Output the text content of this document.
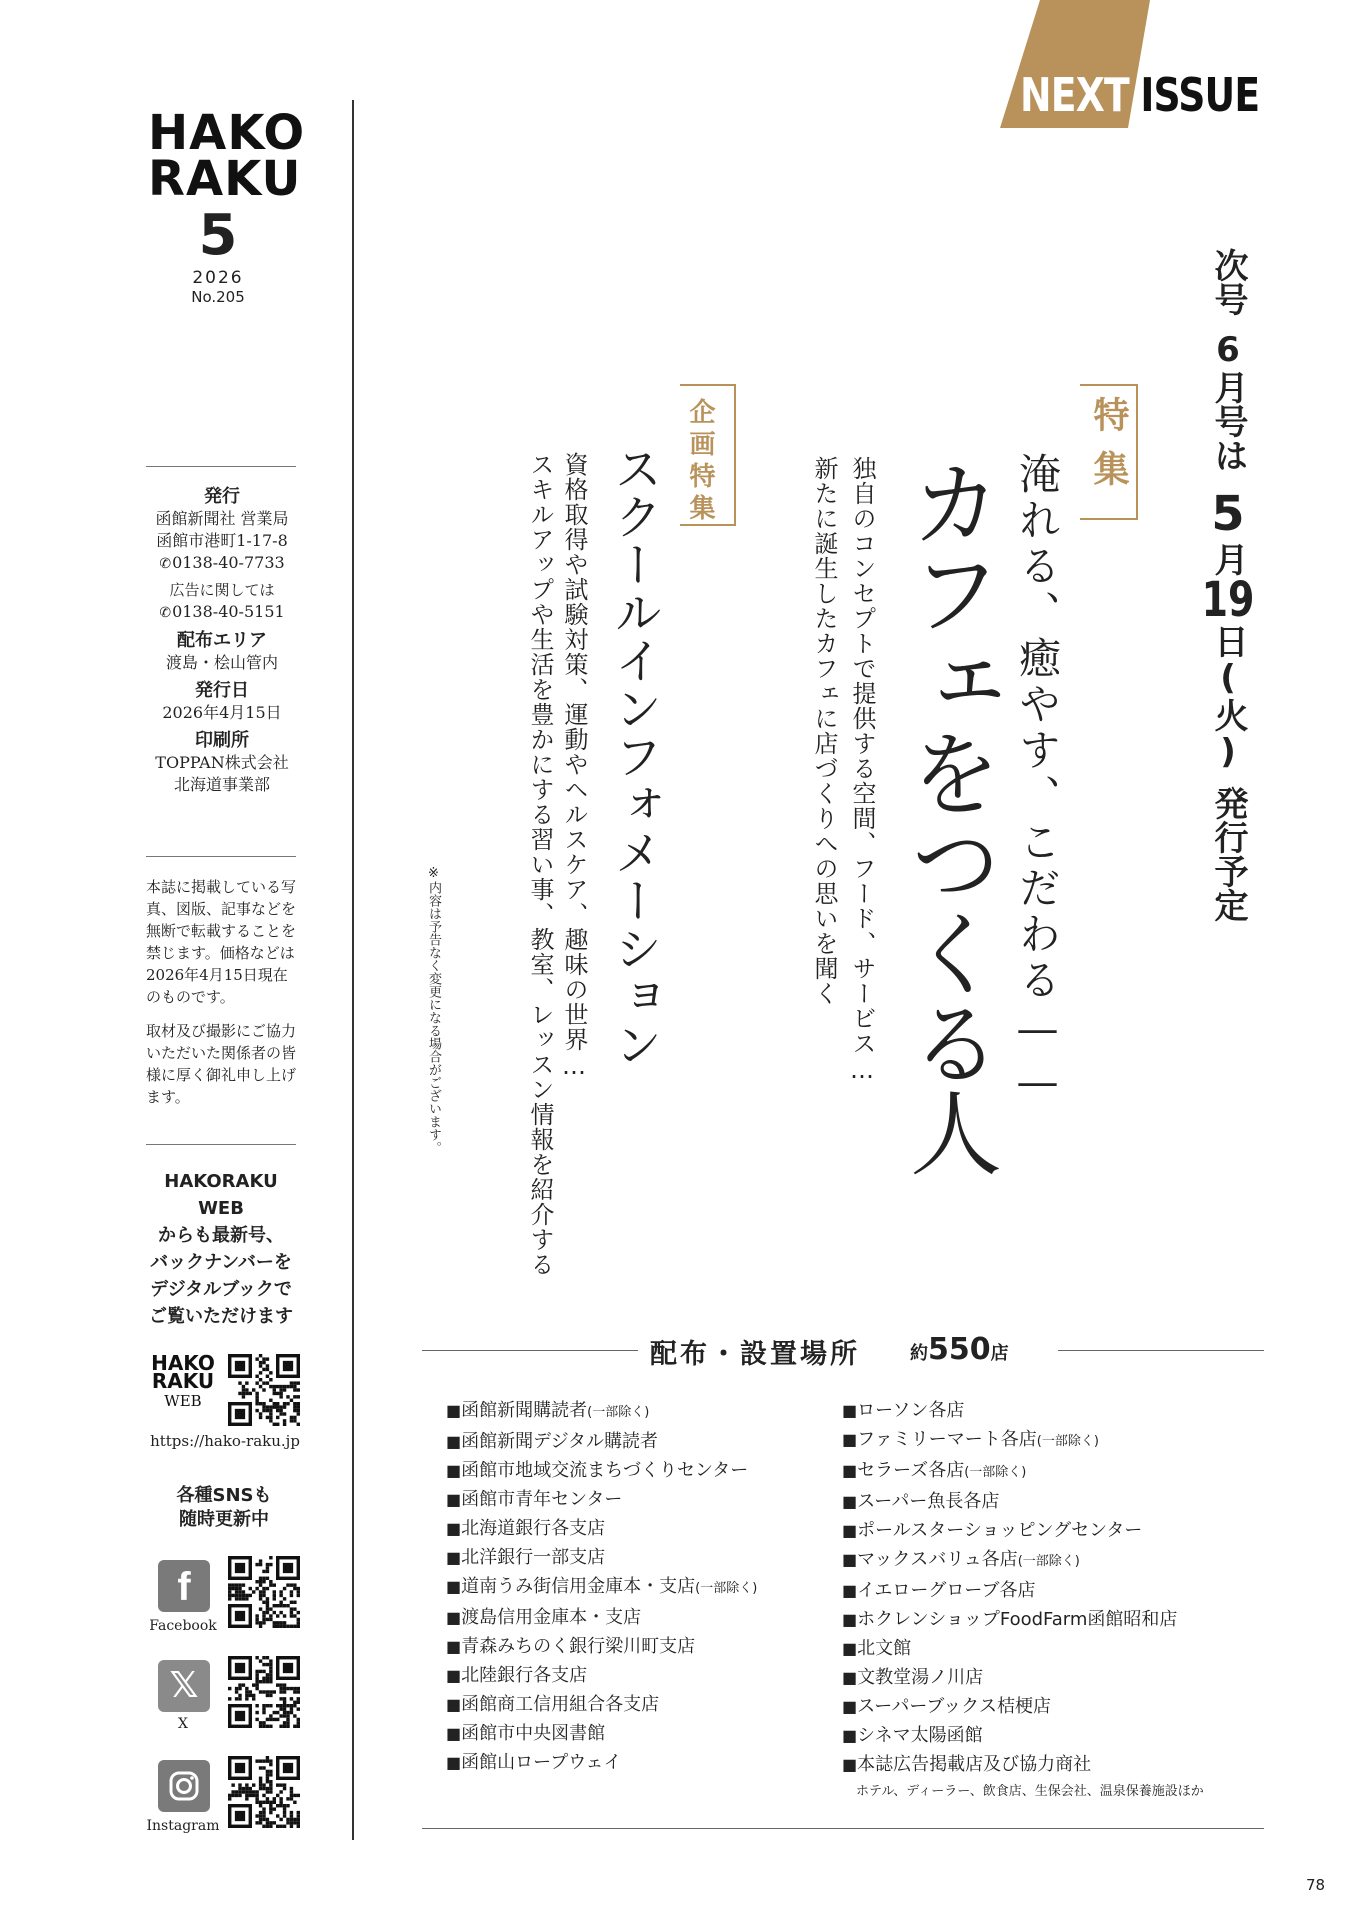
HAKO
RAKU
5
2026
No.205
発行
函館新聞社 営業局
函館市港町1-17-8
✆ 0138-40-7733
広告に関しては
✆ 0138-40-5151
配布エリア
渡島・桧山管内
発行日
2026年4月15日
印刷所
TOPPAN株式会社
北海道事業部

本誌に掲載している写真、図版、記事などを無断で転載することを禁じます。価格などは2026年4月15日現在のものです。

取材及び撮影にご協力いただいた関係者の皆様に厚く御礼申し上げます。

HAKORAKU
WEB
からも最新号、
バックナンバーを
デジタルブックで
ご覧いただけます
HAKO
RAKU
WEB
https://hako-raku.jp
各種SNSも
随時更新中
f
Facebook
𝕏
X
Instagram
NEXT ISSUE
次号6月号は5月19日(火)発行予定
特集
淹れる、癒やす、こだわる——
カフェをつくる人
独自のコンセプトで提供する空間、フード、サービス…
新たに誕生したカフェに店づくりへの思いを聞く
企画特集
スクールインフォメーション
資格取得や試験対策、運動やヘルスケア、趣味の世界…
スキルアップや生活を豊かにする習い事、教室、レッスン情報を紹介する
※内容は予告なく変更になる場合がございます。
配布・設置場所	約550店
■ 函館新聞購読者(一部除く)
■ 函館新聞デジタル購読者
■ 函館市地域交流まちづくりセンター
■ 函館市青年センター
■ 北海道銀行各支店
■ 北洋銀行一部支店
■ 道南うみ街信用金庫本・支店(一部除く)
■ 渡島信用金庫本・支店
■ 青森みちのく銀行梁川町支店
■ 北陸銀行各支店
■ 函館商工信用組合各支店
■ 函館市中央図書館
■ 函館山ロープウェイ
■ ローソン各店
■ ファミリーマート各店(一部除く)
■ セラーズ各店(一部除く)
■ スーパー魚長各店
■ ポールスターショッピングセンター
■ マックスバリュ各店(一部除く)
■ イエローグローブ各店
■ ホクレンショップFoodFarm函館昭和店
■ 北文館
■ 文教堂湯ノ川店
■ スーパーブックス桔梗店
■ シネマ太陽函館
■ 本誌広告掲載店及び協力商社
ホテル、ディーラー、飲食店、生保会社、温泉保養施設ほか
78
